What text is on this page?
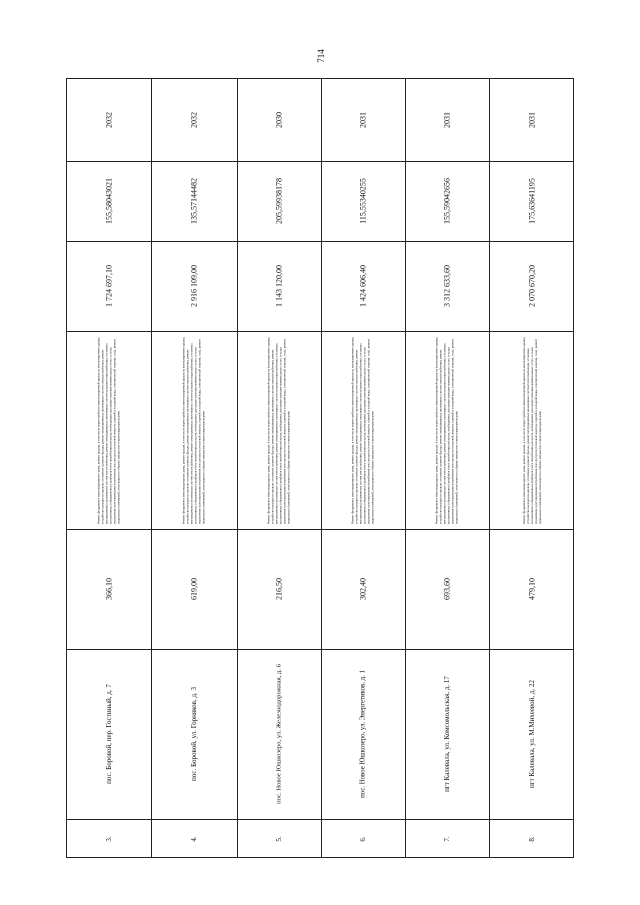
714
2032
155,58043021
1 724 697,10
Ремонт фундамента многоквартирного дома, ремонт крыши, в том числе переустройство невентилируемой крыши на вентилируемую крышу, устройство выходов на кровлю, утепление и ремонт фасада, ремонт внутридомовых инженерных систем электроснабжения, ремонт внутридомовых инженерных систем теплоснабжения, ремонт внутридомовых инженерных систем холодного водоснабжения, установка коллективных (общедомовых) приборов учета потребления ресурсов, необходимых для предоставления коммунальных услуг, и узлов управления и регулирования потребления этих ресурсов (тепловой энергии, горячей и холодной воды, электрической энергии, газа), ремонт подвальных помещений, относящихся к общему имуществу в многоквартирном доме
366,10
пос. Боровой, пер. Гостиный, д. 7
3.
2032
135,57144482
2 916 109,00
Ремонт фундамента многоквартирного дома, ремонт крыши, в том числе переустройство невентилируемой крыши на вентилируемую крышу, устройство выходов на кровлю, утепление и ремонт фасада, ремонт внутридомовых инженерных систем электроснабжения, ремонт внутридомовых инженерных систем теплоснабжения, ремонт внутридомовых инженерных систем холодного водоснабжения, установка коллективных (общедомовых) приборов учета потребления ресурсов, необходимых для предоставления коммунальных услуг, и узлов управления и регулирования потребления этих ресурсов (тепловой энергии, горячей и холодной воды, электрической энергии, газа), ремонт подвальных помещений, относящихся к общему имуществу в многоквартирном доме
619,00
пос. Боровой, ул. Горняков, д. 3
4.
2030
205,59938178
1 143 120,00
Ремонт фундамента многоквартирного дома, ремонт крыши, в том числе переустройство невентилируемой крыши на вентилируемую крышу, устройство выходов на кровлю, утепление и ремонт фасада, ремонт внутридомовых инженерных систем электроснабжения, ремонт внутридомовых инженерных систем теплоснабжения, ремонт внутридомовых инженерных систем холодного водоснабжения, установка коллективных (общедомовых) приборов учета потребления ресурсов, необходимых для предоставления коммунальных услуг, и узлов управления и регулирования потребления этих ресурсов (тепловой энергии, горячей и холодной воды, электрической энергии, газа), ремонт подвальных помещений, относящихся к общему имуществу в многоквартирном доме
216,50
пос. Новое Юшкозеро, ул. Железнодорожная, д. 6
5.
2031
115,55340255
1 424 606,40
Ремонт фундамента многоквартирного дома, ремонт крыши, в том числе переустройство невентилируемой крыши на вентилируемую крышу, устройство выходов на кровлю, утепление и ремонт фасада, ремонт внутридомовых инженерных систем электроснабжения, ремонт внутридомовых инженерных систем теплоснабжения, ремонт внутридомовых инженерных систем холодного водоснабжения, установка коллективных (общедомовых) приборов учета потребления ресурсов, необходимых для предоставления коммунальных услуг, и узлов управления и регулирования потребления этих ресурсов (тепловой энергии, горячей и холодной воды, электрической энергии, газа), ремонт подвальных помещений, относящихся к общему имуществу в многоквартирном доме
302,40
пос. Новое Юшкозеро, ул. Энергетиков, д. 1
6.
2031
155,59042656
3 312 633,60
Ремонт фундамента многоквартирного дома, ремонт крыши, в том числе переустройство невентилируемой крыши на вентилируемую крышу, устройство выходов на кровлю, утепление и ремонт фасада, ремонт внутридомовых инженерных систем электроснабжения, ремонт внутридомовых инженерных систем теплоснабжения, ремонт внутридомовых инженерных систем холодного водоснабжения, установка коллективных (общедомовых) приборов учета потребления ресурсов, необходимых для предоставления коммунальных услуг, и узлов управления и регулирования потребления этих ресурсов (тепловой энергии, горячей и холодной воды, электрической энергии, газа), ремонт подвальных помещений, относящихся к общему имуществу в многоквартирном доме
693,60
пгт Калевала, ул. Комсомольская, д. 17
7.
2031
175,63641195
2 070 670,20
Ремонт фундамента многоквартирного дома, ремонт крыши, в том числе переустройство невентилируемой крыши на вентилируемую крышу, устройство выходов на кровлю, утепление и ремонт фасада, ремонт внутридомовых инженерных систем теплоснабжения, установка коллективных (общедомовых) приборов учета потребления ресурсов, необходимых для предоставления коммунальных услуг, и узлов управления и регулирования потребления этих ресурсов (тепловой энергии, горячей и холодной воды, электрической энергии, газа), ремонт подвальных помещений, относящихся к общему имуществу в многоквартирном доме
479,10
пгт Калевала, ул. М.Михеевой, д. 22
8.
